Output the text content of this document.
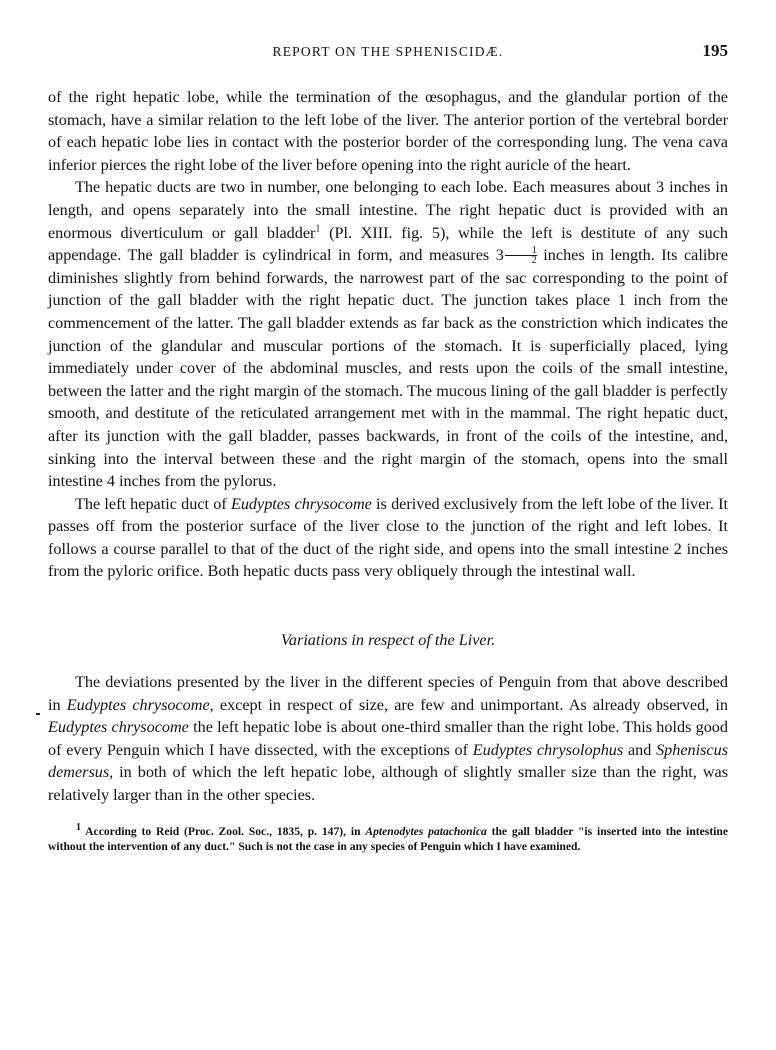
REPORT ON THE SPHENISCIDÆ.	195

of the right hepatic lobe, while the termination of the œsophagus, and the glandular portion of the stomach, have a similar relation to the left lobe of the liver. The anterior portion of the vertebral border of each hepatic lobe lies in contact with the posterior border of the corresponding lung. The vena cava inferior pierces the right lobe of the liver before opening into the right auricle of the heart.

The hepatic ducts are two in number, one belonging to each lobe. Each measures about 3 inches in length, and opens separately into the small intestine. The right hepatic duct is provided with an enormous diverticulum or gall bladder$^1$ (Pl. XIII. fig. 5), while the left is destitute of any such appendage. The gall bladder is cylindrical in form, and measures $3 \frac{1}{2}$ inches in length. Its calibre diminishes slightly from behind forwards, the narrowest part of the sac corresponding to the point of junction of the gall bladder with the right hepatic duct. The junction takes place 1 inch from the commencement of the latter. The gall bladder extends as far back as the constriction which indicates the junction of the glandular and muscular portions of the stomach. It is superficially placed, lying immediately under cover of the abdominal muscles, and rests upon the coils of the small intestine, between the latter and the right margin of the stomach. The mucous lining of the gall bladder is perfectly smooth, and destitute of the reticulated arrangement met with in the mammal. The right hepatic duct, after its junction with the gall bladder, passes backwards, in front of the coils of the intestine, and, sinking into the interval between these and the right margin of the stomach, opens into the small intestine 4 inches from the pylorus.

The left hepatic duct of Eudyptes chrysocome is derived exclusively from the left lobe of the liver. It passes off from the posterior surface of the liver close to the junction of the right and left lobes. It follows a course parallel to that of the duct of the right side, and opens into the small intestine 2 inches from the pyloric orifice. Both hepatic ducts pass very obliquely through the intestinal wall.

Variations in respect of the Liver.

The deviations presented by the liver in the different species of Penguin from that above described in Eudyptes chrysocome, except in respect of size, are few and unimportant. As already observed, in Eudyptes chrysocome the left hepatic lobe is about one-third smaller than the right lobe. This holds good of every Penguin which I have dissected, with the exceptions of Eudyptes chrysolophus and Spheniscus demersus, in both of which the left hepatic lobe, although of slightly smaller size than the right, was relatively larger than in the other species.

$^1$ According to Reid (Proc. Zool. Soc., 1835, p. 147), in Aptenodytes patachonica the gall bladder "is inserted into the intestine without the intervention of any duct." Such is not the case in any species of Penguin which I have examined.
